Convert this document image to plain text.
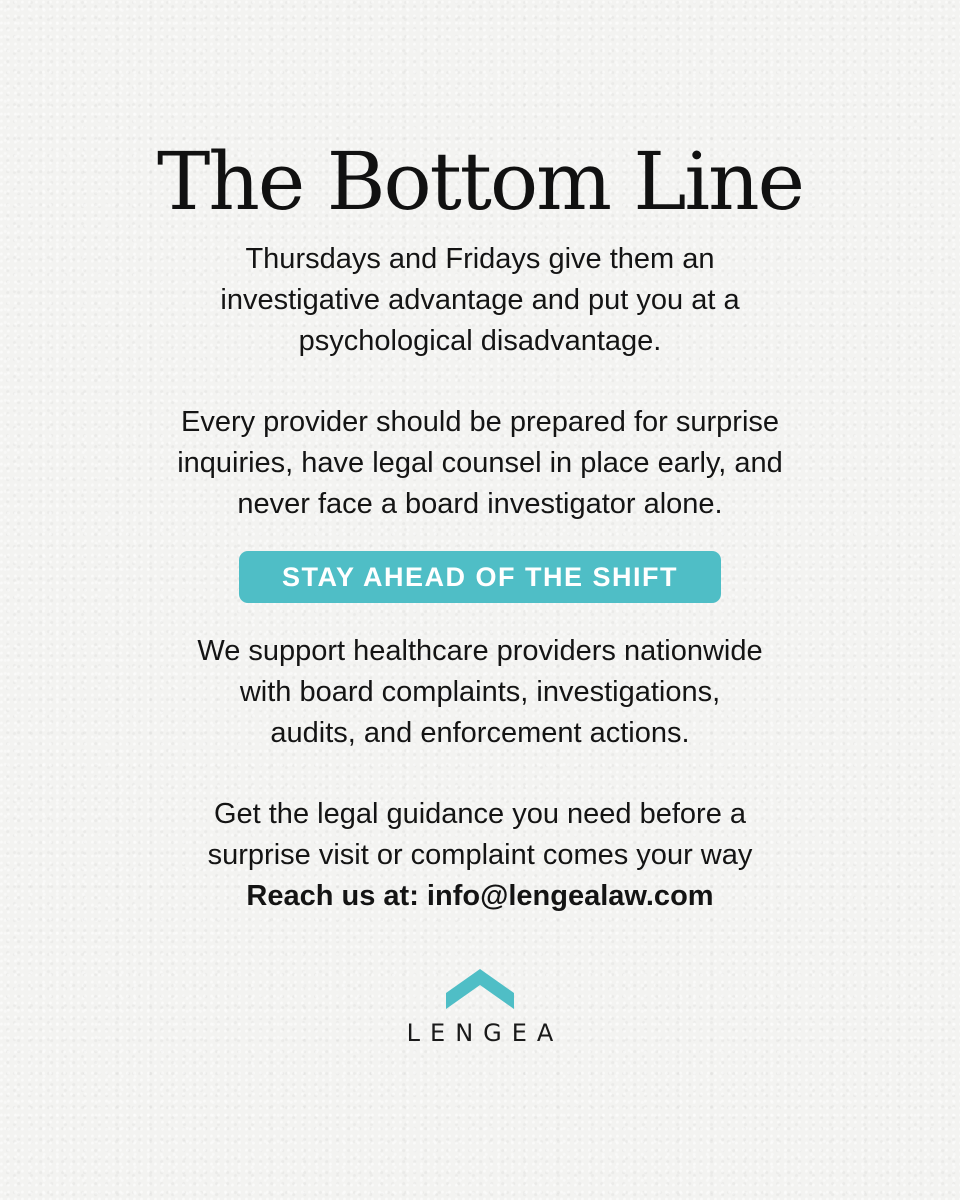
The Bottom Line

Thursdays and Fridays give them an
investigative advantage and put you at a
psychological disadvantage.

Every provider should be prepared for surprise
inquiries, have legal counsel in place early, and
never face a board investigator alone.

STAY AHEAD OF THE SHIFT

We support healthcare providers nationwide
with board complaints, investigations,
audits, and enforcement actions.

Get the legal guidance you need before a
surprise visit or complaint comes your way
Reach us at: info@lengealaw.com

LENGEA
